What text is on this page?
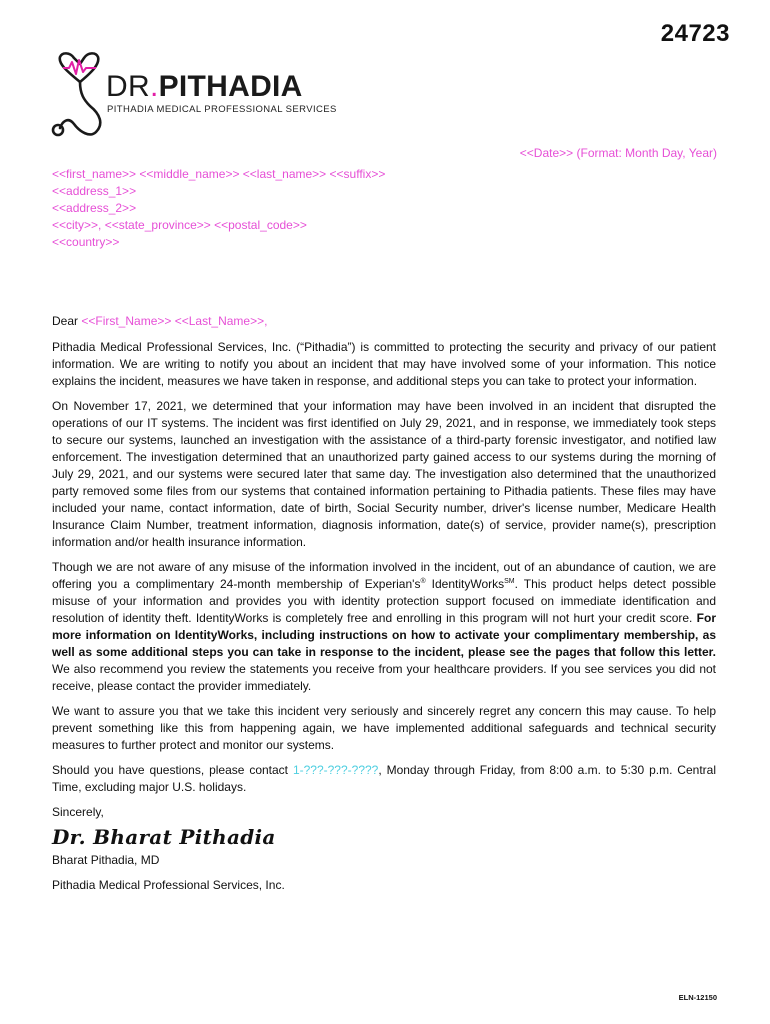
24723
DR.PITHADIA
PITHADIA MEDICAL PROFESSIONAL SERVICES
<<Date>> (Format: Month Day, Year)
<<first_name>> <<middle_name>> <<last_name>> <<suffix>>
<<address_1>>
<<address_2>>
<<city>>, <<state_province>> <<postal_code>>
<<country>>

Dear <<First_Name>> <<Last_Name>>,

Pithadia Medical Professional Services, Inc. (“Pithadia”) is committed to protecting the security and privacy of our patient information. We are writing to notify you about an incident that may have involved some of your information. This notice explains the incident, measures we have taken in response, and additional steps you can take to protect your information.

On November 17, 2021, we determined that your information may have been involved in an incident that disrupted the operations of our IT systems. The incident was first identified on July 29, 2021, and in response, we immediately took steps to secure our systems, launched an investigation with the assistance of a third-party forensic investigator, and notified law enforcement. The investigation determined that an unauthorized party gained access to our systems during the morning of July 29, 2021, and our systems were secured later that same day. The investigation also determined that the unauthorized party removed some files from our systems that contained information pertaining to Pithadia patients. These files may have included your name, contact information, date of birth, Social Security number, driver's license number, Medicare Health Insurance Claim Number, treatment information, diagnosis information, date(s) of service, provider name(s), prescription information and/or health insurance information.

Though we are not aware of any misuse of the information involved in the incident, out of an abundance of caution, we are offering you a complimentary 24-month membership of Experian's® IdentityWorks℠. This product helps detect possible misuse of your information and provides you with identity protection support focused on immediate identification and resolution of identity theft. IdentityWorks is completely free and enrolling in this program will not hurt your credit score. For more information on IdentityWorks, including instructions on how to activate your complimentary membership, as well as some additional steps you can take in response to the incident, please see the pages that follow this letter. We also recommend you review the statements you receive from your healthcare providers. If you see services you did not receive, please contact the provider immediately.

We want to assure you that we take this incident very seriously and sincerely regret any concern this may cause. To help prevent something like this from happening again, we have implemented additional safeguards and technical security measures to further protect and monitor our systems.

Should you have questions, please contact 1-???-???-????, Monday through Friday, from 8:00 a.m. to 5:30 p.m. Central Time, excluding major U.S. holidays.

Sincerely,

Dr. Bharat Pithadia

Bharat Pithadia, MD

Pithadia Medical Professional Services, Inc.

ELN-12150
